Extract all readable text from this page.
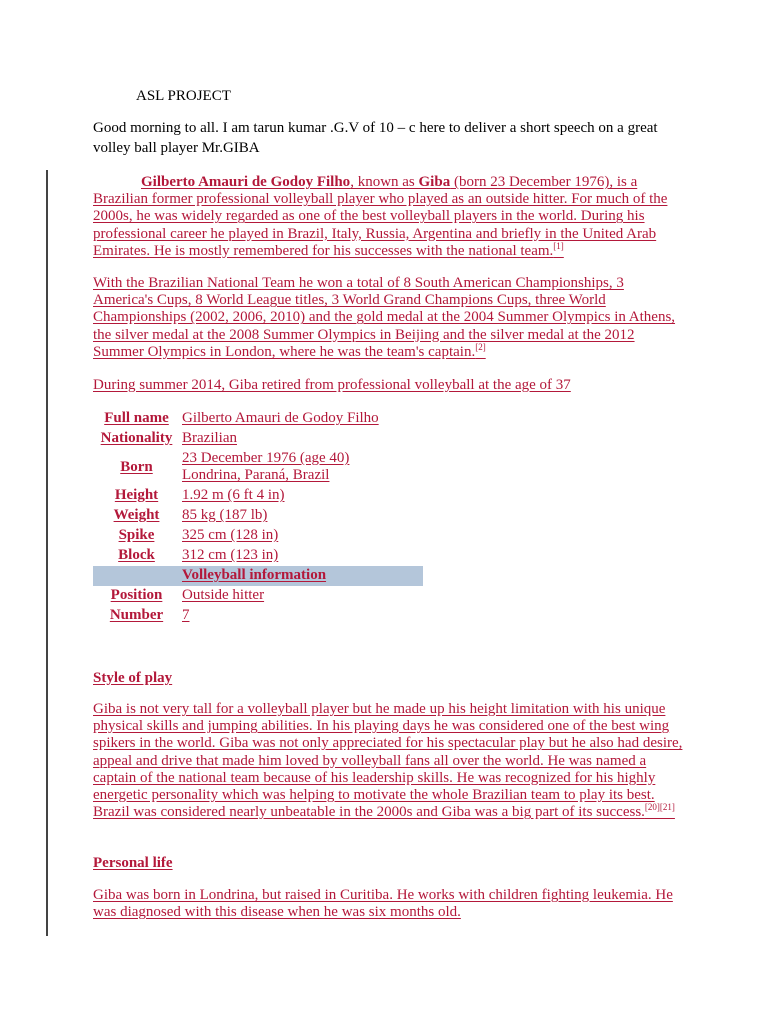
ASL PROJECT
Good morning to all. I am tarun kumar .G.V of 10 – c here to deliver a short speech on a great volley ball player Mr.GIBA

Gilberto Amauri de Godoy Filho, known as Giba (born 23 December 1976), is a Brazilian former professional volleyball player who played as an outside hitter. For much of the 2000s, he was widely regarded as one of the best volleyball players in the world. During his professional career he played in Brazil, Italy, Russia, Argentina and briefly in the United Arab Emirates. He is mostly remembered for his successes with the national team.[1]

With the Brazilian National Team he won a total of 8 South American Championships, 3 America's Cups, 8 World League titles, 3 World Grand Champions Cups, three World Championships (2002, 2006, 2010) and the gold medal at the 2004 Summer Olympics in Athens, the silver medal at the 2008 Summer Olympics in Beijing and the silver medal at the 2012 Summer Olympics in London, where he was the team's captain.[2]

During summer 2014, Giba retired from professional volleyball at the age of 37

Full name	Gilberto Amauri de Godoy Filho
Nationality	Brazilian
Born	23 December 1976 (age 40)
Londrina, Paraná, Brazil
Height	1.92 m (6 ft 4 in)
Weight	85 kg (187 lb)
Spike	325 cm (128 in)
Block	312 cm (123 in)
	Volleyball information
Position	Outside hitter
Number	7

Style of play

Giba is not very tall for a volleyball player but he made up his height limitation with his unique physical skills and jumping abilities. In his playing days he was considered one of the best wing spikers in the world. Giba was not only appreciated for his spectacular play but he also had desire, appeal and drive that made him loved by volleyball fans all over the world. He was named a captain of the national team because of his leadership skills. He was recognized for his highly energetic personality which was helping to motivate the whole Brazilian team to play its best. Brazil was considered nearly unbeatable in the 2000s and Giba was a big part of its success.[20][21]

Personal life

Giba was born in Londrina, but raised in Curitiba. He works with children fighting leukemia. He was diagnosed with this disease when he was six months old.
